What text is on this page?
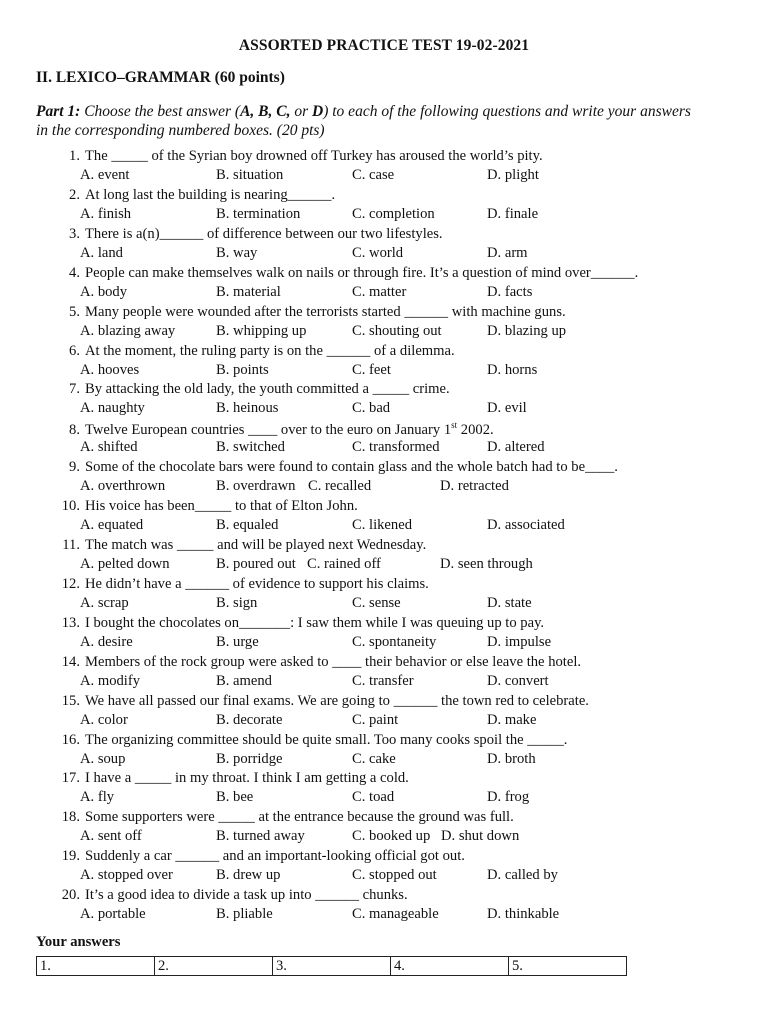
ASSORTED PRACTICE TEST 19-02-2021
II. LEXICO–GRAMMAR (60 points)
Part 1: Choose the best answer (A, B, C, or D) to each of the following questions and write your answers
in the corresponding numbered boxes. (20 pts)
1. The _____ of the Syrian boy drowned off Turkey has aroused the world’s pity.
A. event	B. situation	C. case	D. plight
2. At long last the building is nearing______.
A. finish	B. termination	C. completion	D. finale
3. There is a(n)______ of difference between our two lifestyles.
A. land	B. way	C. world	D. arm
4. People can make themselves walk on nails or through fire. It’s a question of mind over______.
A. body	B. material	C. matter	D. facts
5. Many people were wounded after the terrorists started ______ with machine guns.
A. blazing away	B. whipping up	C. shouting out	D. blazing up
6. At the moment, the ruling party is on the ______ of a dilemma.
A. hooves	B. points	C. feet	D. horns
7. By attacking the old lady, the youth committed a _____ crime.
A. naughty	B. heinous	C. bad	D. evil
8. Twelve European countries ____ over to the euro on January 1st 2002.
A. shifted	B. switched	C. transformed	D. altered
9. Some of the chocolate bars were found to contain glass and the whole batch had to be____.
A. overthrown	B. overdrawn C. recalled	D. retracted
10. His voice has been_____ to that of Elton John.
A. equated	B. equaled	C. likened	D. associated
11. The match was _____ and will be played next Wednesday.
A. pelted down	B. poured out C. rained off	D. seen through
12. He didn’t have a ______ of evidence to support his claims.
A. scrap	B. sign	C. sense	D. state
13. I bought the chocolates on_______: I saw them while I was queuing up to pay.
A. desire	B. urge	C. spontaneity	D. impulse
14. Members of the rock group were asked to ____ their behavior or else leave the hotel.
A. modify	B. amend	C. transfer	D. convert
15. We have all passed our final exams. We are going to ______ the town red to celebrate.
A. color	B. decorate	C. paint	D. make
16. The organizing committee should be quite small. Too many cooks spoil the _____.
A. soup	B. porridge	C. cake	D. broth
17. I have a _____ in my throat. I think I am getting a cold.
A. fly	B. bee	C. toad	D. frog
18. Some supporters were _____ at the entrance because the ground was full.
A. sent off	B. turned away	C. booked up D. shut down
19. Suddenly a car ______ and an important-looking official got out.
A. stopped over	B. drew up	C. stopped out	D. called by
20. It’s a good idea to divide a task up into ______ chunks.
A. portable	B. pliable	C. manageable	D. thinkable
Your answers
1.	2.	3.	4.	5.
